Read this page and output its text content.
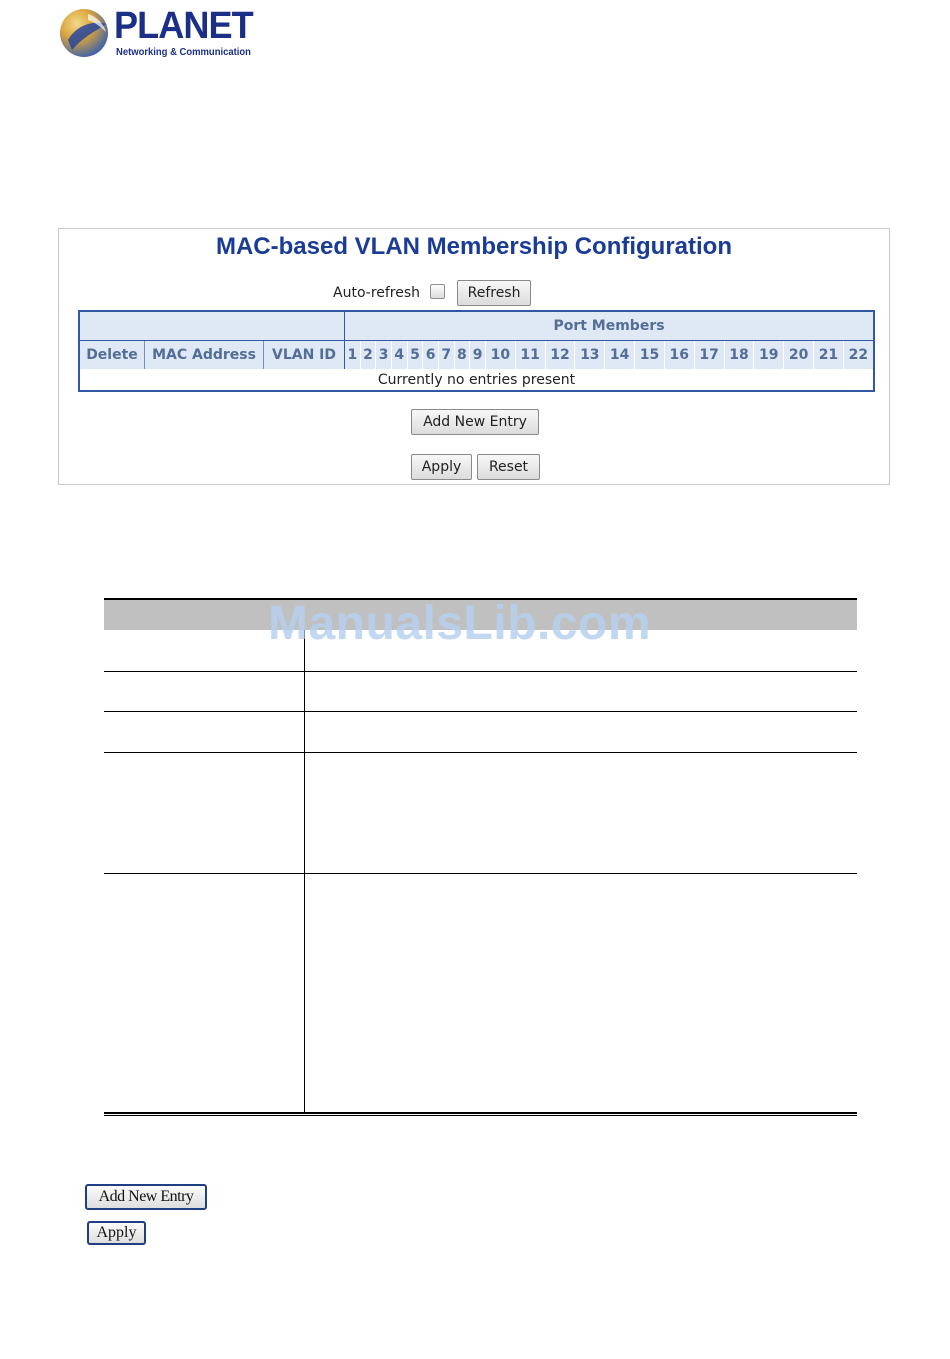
PLANET
Networking & Communication
MAC-based VLAN Membership Configuration
Auto-refresh	Refresh
			Port Members																					
Delete	MAC Address	VLAN ID	1	2	3	4	5	6	7	8	9	10	11	12	13	14	15	16	17	18	19	20	21	22
Currently no entries present																								
Add New Entry
Apply	Reset
ManualsLib.com
Add New Entry
Apply
